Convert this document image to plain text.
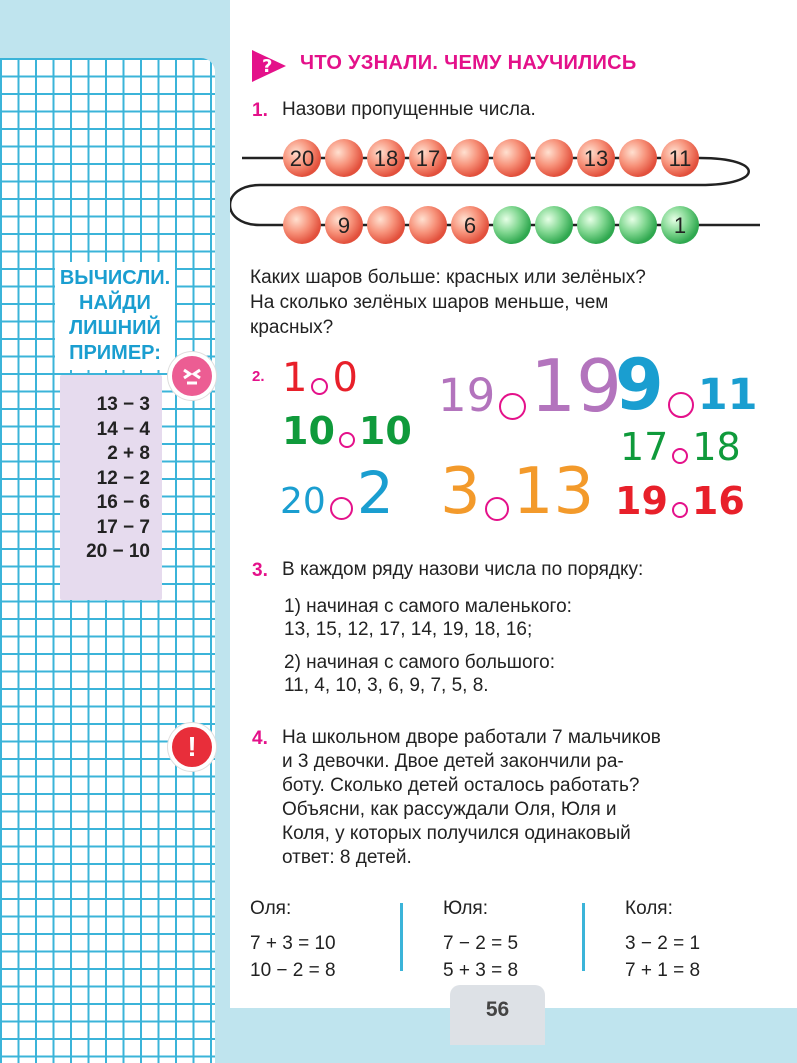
ВЫЧИСЛИ.
НАЙДИ
ЛИШНИЙ
ПРИМЕР:
13 − 3
14 − 4
2 + 8
12 − 2
16 − 6
17 − 7
20 − 10
!
? ЧТО УЗНАЛИ. ЧЕМУ НАУЧИЛИСЬ
1. Назови пропущенные числа.
20	18 17	13	11
9	6	1
Каких шаров больше: красных или зелёных?
На сколько зелёных шаров меньше, чем
красных?
2. 1 0
10 10
20 2
19 19
3 13
9 11
17 18
19 16
3. В каждом ряду назови числа по порядку:
1) начиная с самого маленького:
13, 15, 12, 17, 14, 19, 18, 16;
2) начиная с самого большого:
11, 4, 10, 3, 6, 9, 7, 5, 8.
4. На школьном дворе работали 7 мальчиков
и 3 девочки. Двое детей закончили ра-
боту. Сколько детей осталось работать?
Объясни, как рассуждали Оля, Юля и
Коля, у которых получился одинаковый
ответ: 8 детей.
Оля:
7 + 3 = 10
10 − 2 = 8
Юля:
7 − 2 = 5
5 + 3 = 8
Коля:
3 − 2 = 1
7 + 1 = 8
56
